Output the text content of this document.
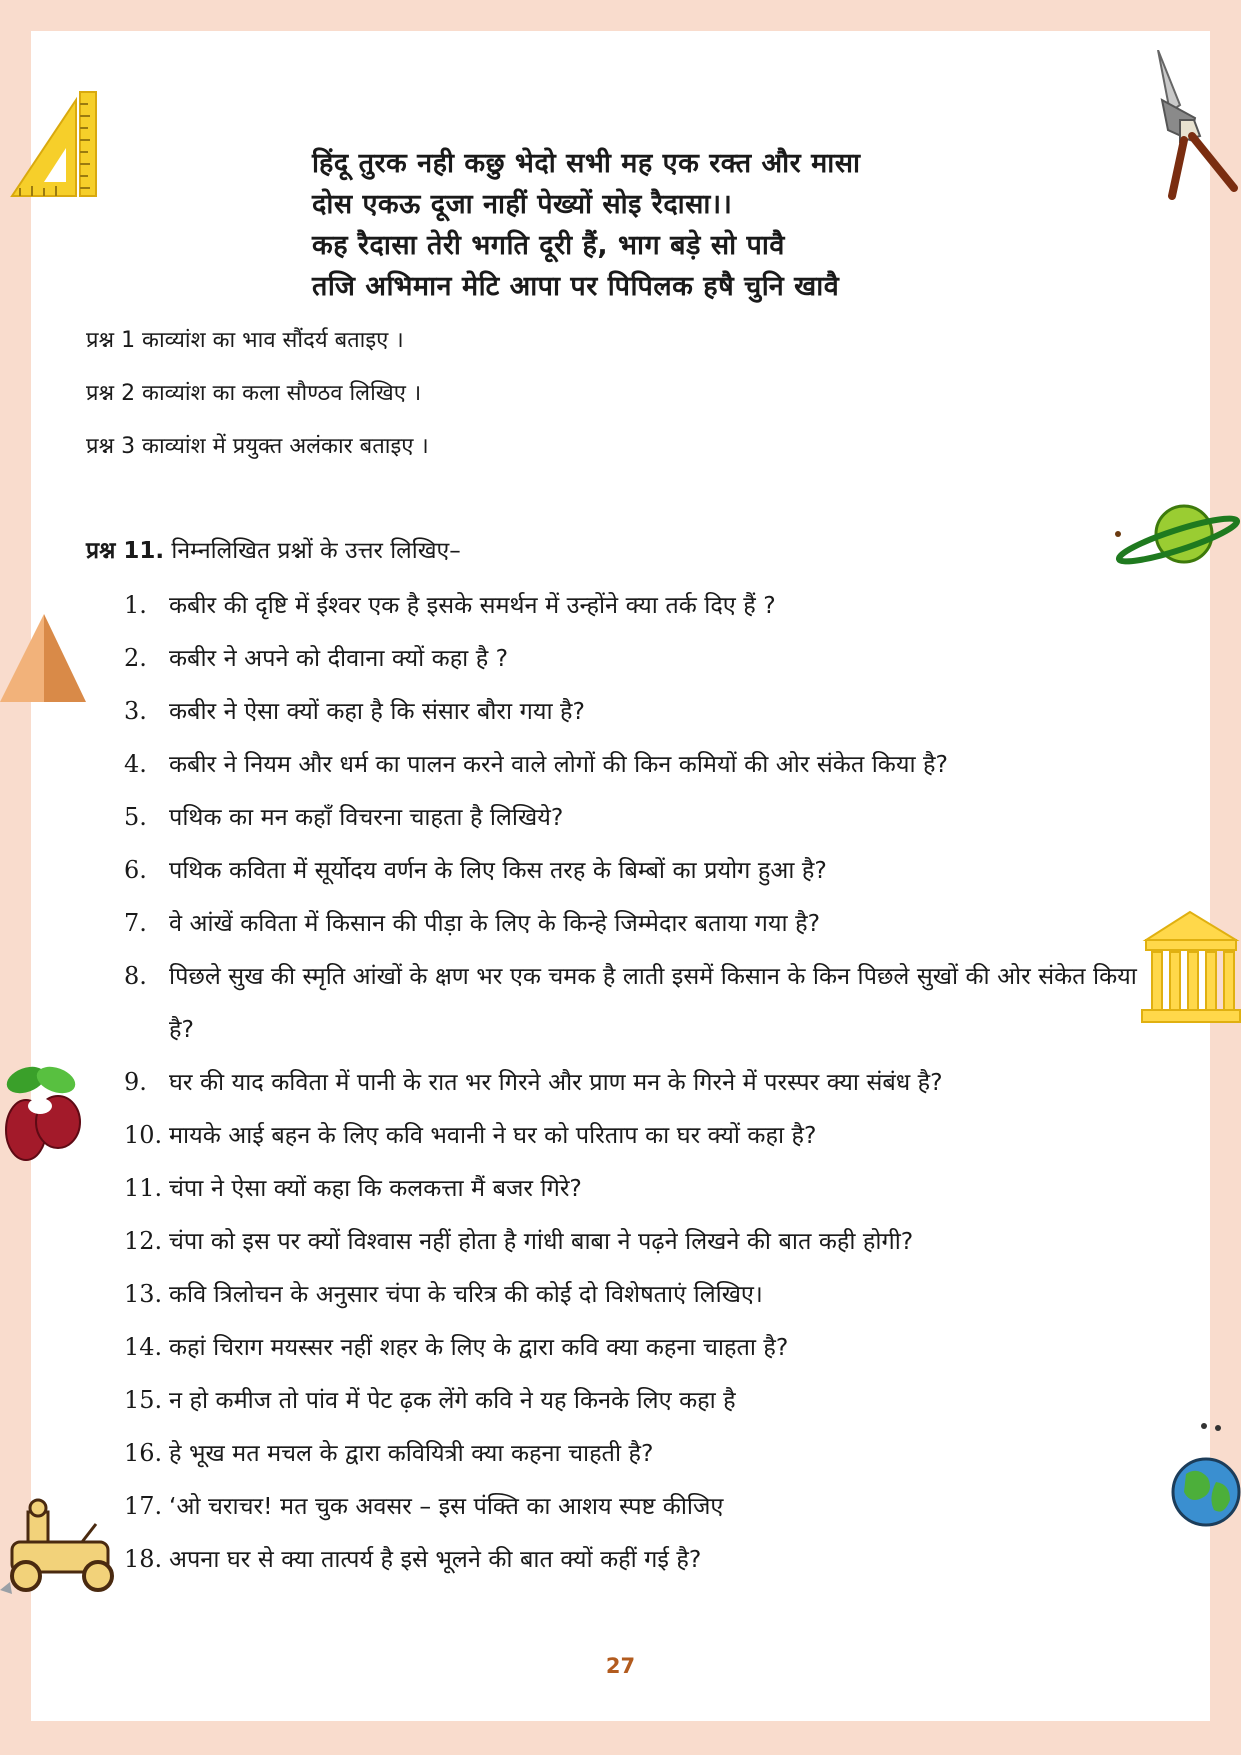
हिंदू तुरक नही कछु भेदो सभी मह एक रक्त और मासा
दोस एकऊ दूजा नाहीं पेख्यों सोइ रैदासा।।
कह रैदासा तेरी भगति दूरी हैं, भाग बड़े सो पावै
तजि अभिमान मेटि आपा पर पिपिलक हषै चुनि खावै
प्रश्न 1 काव्यांश का भाव सौंदर्य बताइए ।
प्रश्न 2 काव्यांश का कला सौण्ठव लिखिए ।
प्रश्न 3 काव्यांश में प्रयुक्त अलंकार बताइए ।
प्रश्न 11. निम्नलिखित प्रश्नों के उत्तर लिखिए–
1. कबीर की दृष्टि में ईश्वर एक है इसके समर्थन में उन्होंने क्या तर्क दिए हैं ?
2. कबीर ने अपने को दीवाना क्यों कहा है ?
3. कबीर ने ऐसा क्यों कहा है कि संसार बौरा गया है?
4. कबीर ने नियम और धर्म का पालन करने वाले लोगों की किन कमियों की ओर संकेत किया है?
5. पथिक का मन कहाँ विचरना चाहता है लिखिये?
6. पथिक कविता में सूर्योदय वर्णन के लिए किस तरह के बिम्बों का प्रयोग हुआ है?
7. वे आंखें कविता में किसान की पीड़ा के लिए के किन्हे जिम्मेदार बताया गया है?
8. पिछले सुख की स्मृति आंखों के क्षण भर एक चमक है लाती इसमें किसान के किन पिछले सुखों की ओर संकेत किया है?
9. घर की याद कविता में पानी के रात भर गिरने और प्राण मन के गिरने में परस्पर क्या संबंध है?
10. मायके आई बहन के लिए कवि भवानी ने घर को परिताप का घर क्यों कहा है?
11. चंपा ने ऐसा क्यों कहा कि कलकत्ता मैं बजर गिरे?
12. चंपा को इस पर क्यों विश्वास नहीं होता है गांधी बाबा ने पढ़ने लिखने की बात कही होगी?
13. कवि त्रिलोचन के अनुसार चंपा के चरित्र की कोई दो विशेषताएं लिखिए।
14. कहां चिराग मयस्सर नहीं शहर के लिए के द्वारा कवि क्या कहना चाहता है?
15. न हो कमीज तो पांव में पेट ढ़क लेंगे कवि ने यह किनके लिए कहा है
16. हे भूख मत मचल के द्वारा कवियित्री क्या कहना चाहती है?
17. ‘ओ चराचर! मत चुक अवसर – इस पंक्ति का आशय स्पष्ट कीजिए
18. अपना घर से क्या तात्पर्य है इसे भूलने की बात क्यों कहीं गई है?
27
